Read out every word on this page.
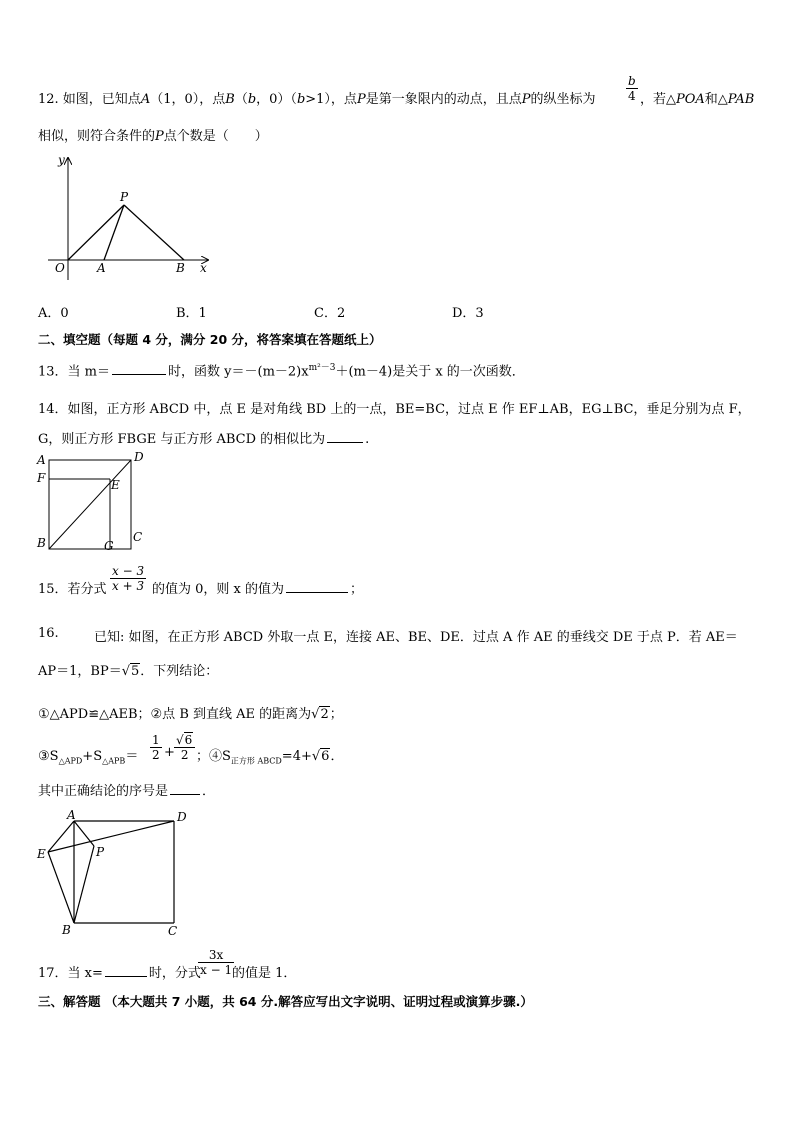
12. 如图，已知点A（1，0），点B（b，0）（b>1），点P是第一象限内的动点，且点P的纵坐标为	$\frac{b}{4}$ ，若△POA和△PAB
相似，则符合条件的P点个数是（　　）
y
P
O	A	B x
A．0	B．1	C．2	D．3
二、填空题（每题 4 分，满分 20 分，将答案填在答题纸上）
13．当 m＝	时，函数 $y=-(m-2)x^{m^2-3}+(m-4)$是关于 x 的一次函数．
14．如图，正方形 ABCD 中，点 E 是对角线 BD 上的一点，BE=BC，过点 E 作 EF⊥AB，EG⊥BC，垂足分别为点 F，
G，则正方形 FBGE 与正方形 ABCD 的相似比为	.
A	D
F	E
B	G
C
15．若分式 $\frac{x - 3}{x + 3}$ 的值为 0，则 x 的值为	；
16.	已知: 如图，在正方形 ABCD 外取一点 E，连接 AE、BE、DE．过点 A 作 AE 的垂线交 DE 于点 P．若 AE＝
AP＝1，BP＝√5．下列结论：
①△APD≌△AEB；②点 B 到直线 AE 的距离为√2；
$③S_{\triangle APD}+S_{\triangle APB}= \frac{1}{2} + \frac{√6}{2}$ ；$④S_{正方形 ABCD}=4+√6$．
其中正确结论的序号是	．
A	D
E	P
B	C
17．当 x=	时，分式
$\frac{3x}{x - 1}$
的值是 1．
三、解答题 （本大题共 7 小题，共 64 分.解答应写出文字说明、证明过程或演算步骤.）
